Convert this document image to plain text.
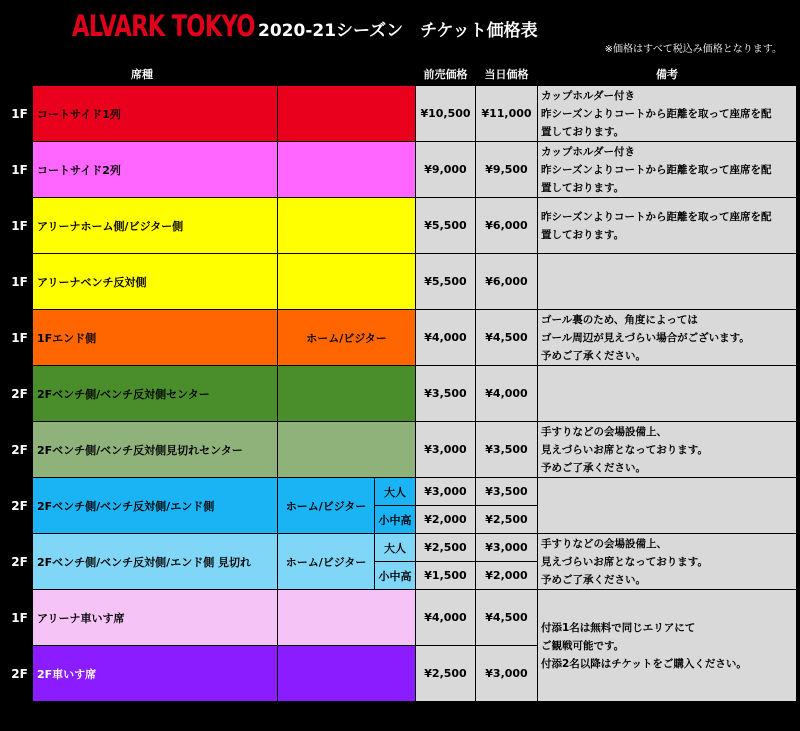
ALVARK TOKYO 2020-21シーズン　チケット価格表
※価格はすべて税込み価格となります。
席種				前売価格	当日価格	備考
1F	コートサイド1列			¥10,500	¥11,000	カップホルダー付き
昨シーズンよりコートから距離を取って座席を配
置しております。

1F	コートサイド2列			¥9,000	¥9,500	カップホルダー付き
昨シーズンよりコートから距離を取って座席を配
置しております。

1F	アリーナホーム側/ビジター側			¥5,500	¥6,000	昨シーズンよりコートから距離を取って座席を配
置しております。

1F	アリーナベンチ反対側			¥5,500	¥6,000	
1F	1Fエンド側	ホーム/ビジター		¥4,000	¥4,500	ゴール裏のため、角度によっては
ゴール周辺が見えづらい場合がございます。
予めご了承ください。

2F	2Fベンチ側/ベンチ反対側センター			¥3,500	¥4,000	
2F	2Fベンチ側/ベンチ反対側見切れセンター			¥3,000	¥3,500	手すりなどの会場設備上、
見えづらいお席となっております。
予めご了承ください。

2F	2Fベンチ側/ベンチ反対側/エンド側	ホーム/ビジター	大人	¥3,000	¥3,500	
			小中高	¥2,000	¥2,500	
2F	2Fベンチ側/ベンチ反対側/エンド側 見切れ	ホーム/ビジター	大人	¥2,500	¥3,000	手すりなどの会場設備上、
見えづらいお席となっております。
予めご了承ください。

			小中高	¥1,500	¥2,000	
1F	アリーナ車いす席			¥4,000	¥4,500	付添1名は無料で同じエリアにて
ご観戦可能です。
付添2名以降はチケットをご購入ください。

2F	2F車いす席			¥2,500	¥3,000	
